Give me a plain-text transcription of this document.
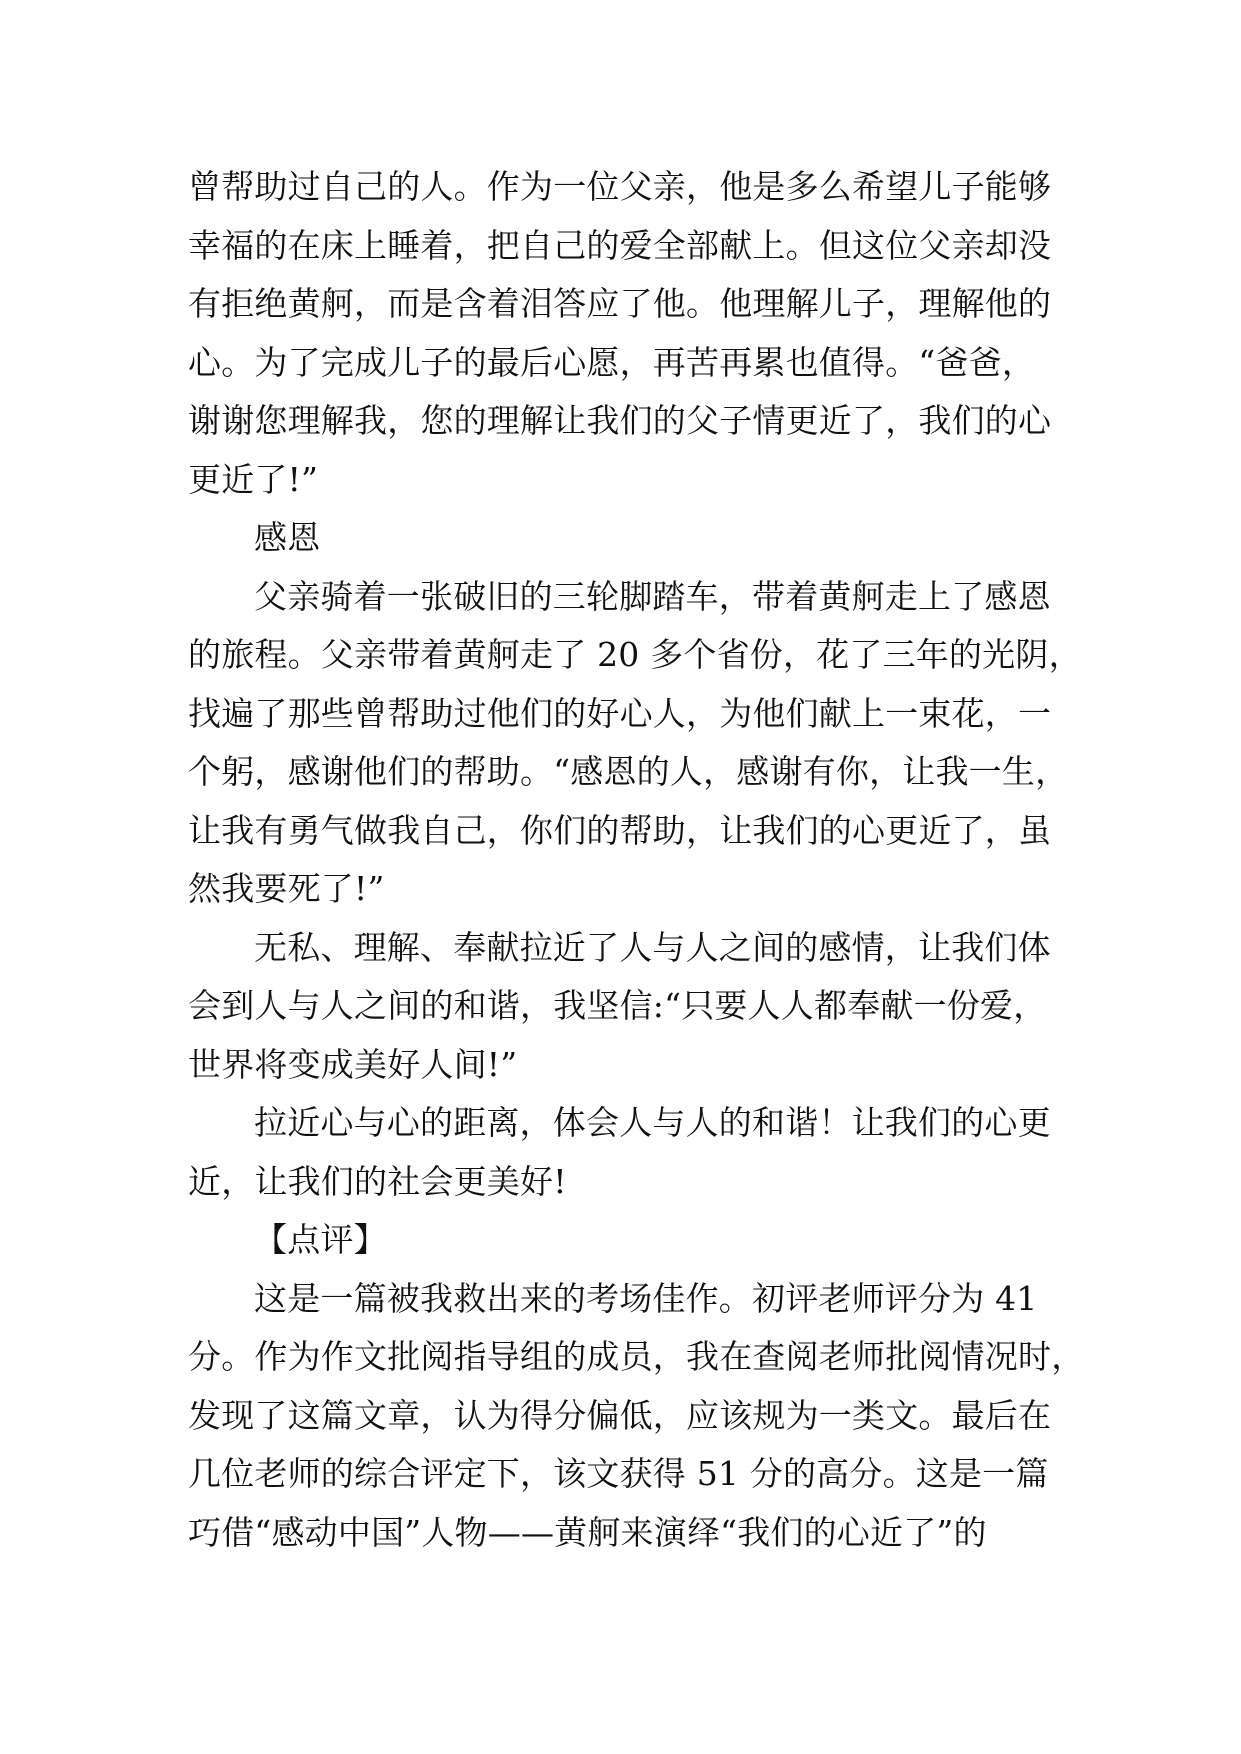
曾帮助过自己的人。作为一位父亲，他是多么希望儿子能够
幸福的在床上睡着，把自己的爱全部献上。但这位父亲却没
有拒绝黄舸，而是含着泪答应了他。他理解儿子，理解他的
心。为了完成儿子的最后心愿，再苦再累也值得。“爸爸，
谢谢您理解我，您的理解让我们的父子情更近了，我们的心
更近了!”
感恩
父亲骑着一张破旧的三轮脚踏车，带着黄舸走上了感恩
的旅程。父亲带着黄舸走了 20 多个省份，花了三年的光阴，
找遍了那些曾帮助过他们的好心人，为他们献上一束花，一
个躬，感谢他们的帮助。“感恩的人，感谢有你，让我一生，
让我有勇气做我自己，你们的帮助，让我们的心更近了，虽
然我要死了!”
无私、理解、奉献拉近了人与人之间的感情，让我们体
会到人与人之间的和谐，我坚信:“只要人人都奉献一份爱，
世界将变成美好人间!”
拉近心与心的距离，体会人与人的和谐！让我们的心更
近，让我们的社会更美好!
【点评】
这是一篇被我救出来的考场佳作。初评老师评分为 41
分。作为作文批阅指导组的成员，我在查阅老师批阅情况时，
发现了这篇文章，认为得分偏低，应该规为一类文。最后在
几位老师的综合评定下，该文获得 51 分的高分。这是一篇
巧借“感动中国”人物——黄舸来演绎“我们的心近了”的
